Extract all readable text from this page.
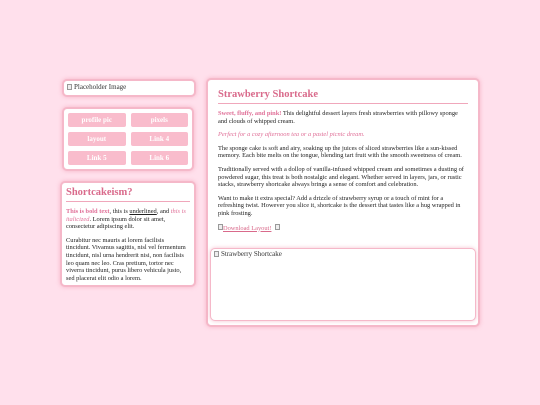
Placeholder Image
profile pic	pixels
layout	Link 4
Link 5	Link 6
Shortcakeism?

This is bold text, this is underlined, and this is italicized. Lorem ipsum dolor sit amet, consectetur adipiscing elit.

Curabitur nec mauris at lorem facilisis tincidunt. Vivamus sagittis, nisl vel fermentum tincidunt, nisl urna hendrerit nisi, non facilisis leo quam nec leo. Cras pretium, tortor nec viverra tincidunt, purus libero vehicula justo, sed placerat elit odio a lorem.

Strawberry Shortcake

Sweet, fluffy, and pink! This delightful dessert layers fresh strawberries with pillowy sponge and clouds of whipped cream.

Perfect for a cozy afternoon tea or a pastel picnic dream.

The sponge cake is soft and airy, soaking up the juices of sliced strawberries like a sun-kissed memory. Each bite melts on the tongue, blending tart fruit with the smooth sweetness of cream.

Traditionally served with a dollop of vanilla-infused whipped cream and sometimes a dusting of powdered sugar, this treat is both nostalgic and elegant. Whether served in layers, jars, or rustic stacks, strawberry shortcake always brings a sense of comfort and celebration.

Want to make it extra special? Add a drizzle of strawberry syrup or a touch of mint for a refreshing twist. However you slice it, shortcake is the dessert that tastes like a hug wrapped in pink frosting.

Download Layout!

Strawberry Shortcake
